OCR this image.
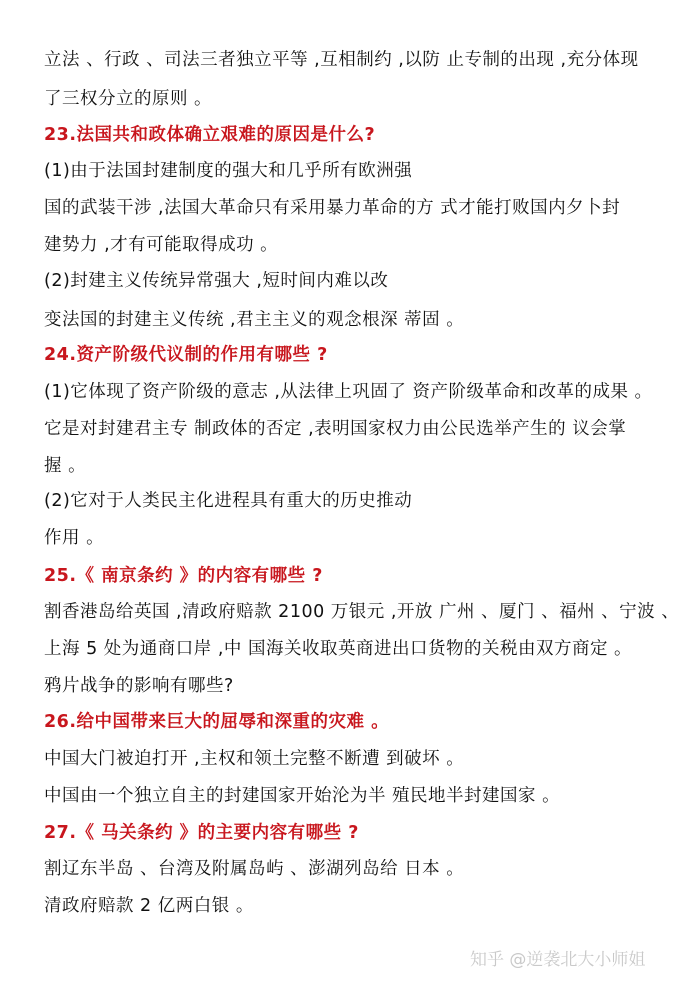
立法 、行政 、司法三者独立平等 ,互相制约 ,以防 止专制的出现 ,充分体现
了三权分立的原则 。
23.法国共和政体确立艰难的原因是什么?
(1)由于法国封建制度的强大和几乎所有欧洲强
国的武装干涉 ,法国大革命只有采用暴力革命的方 式才能打败国内夕卜封
建势力 ,才有可能取得成功 。
(2)封建主义传统异常强大 ,短时间内难以改
变法国的封建主义传统 ,君主主义的观念根深 蒂固 。
24.资产阶级代议制的作用有哪些 ?
(1)它体现了资产阶级的意志 ,从法律上巩固了 资产阶级革命和改革的成果 。
它是对封建君主专 制政体的否定 ,表明国家权力由公民选举产生的 议会掌
握 。
(2)它对于人类民主化进程具有重大的历史推动
作用 。
25.《 南京条约 》的内容有哪些 ?
割香港岛给英国 ,清政府赔款 2100 万银元 ,开放 广州 、厦门 、福州 、宁波 、
上海 5 处为通商口岸 ,中 国海关收取英商进出口货物的关税由双方商定 。
鸦片战争的影响有哪些?
26.给中国带来巨大的屈辱和深重的灾难 。
中国大门被迫打开 ,主权和领土完整不断遭 到破坏 。
中国由一个独立自主的封建国家开始沦为半 殖民地半封建国家 。
27.《 马关条约 》的主要内容有哪些 ?
割辽东半岛 、台湾及附属岛屿 、澎湖列岛给 日本 。
清政府赔款 2 亿两白银 。
知乎 @逆袭北大小师姐
